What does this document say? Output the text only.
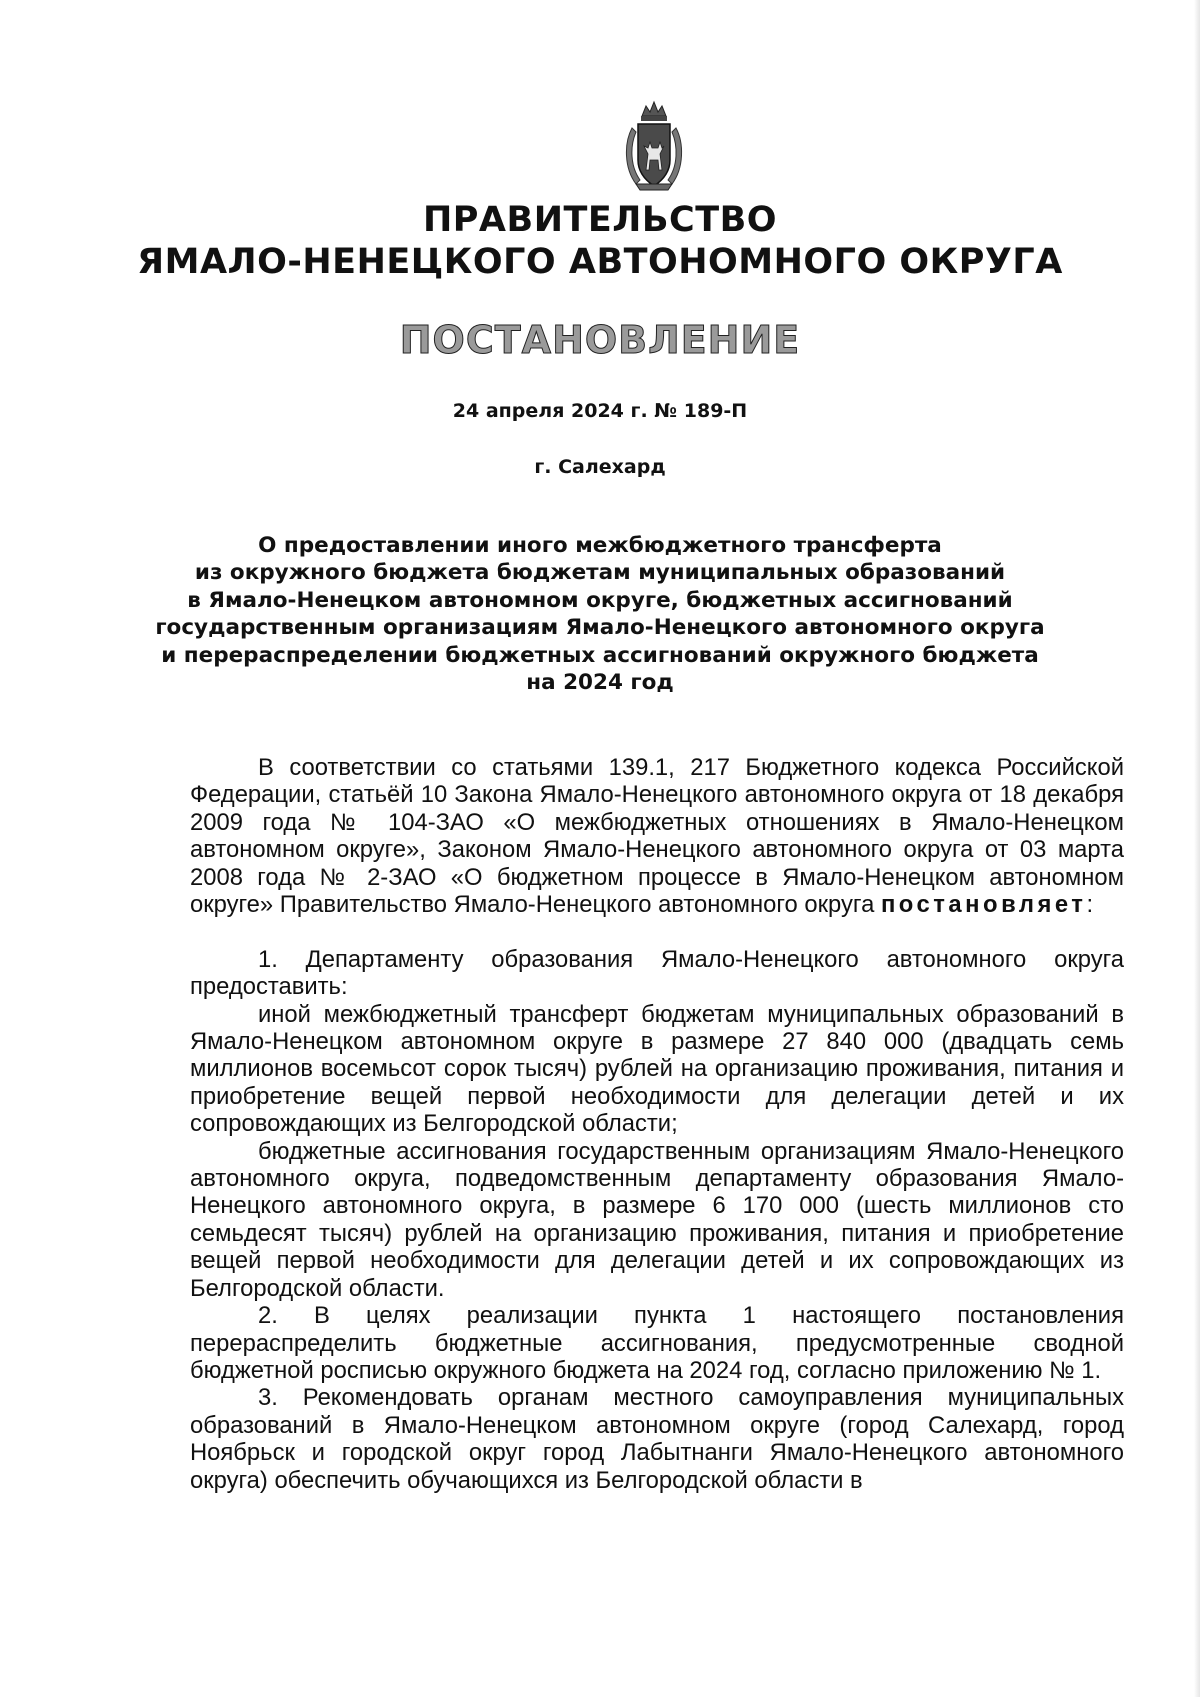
ПРАВИТЕЛЬСТВО
ЯМАЛО-НЕНЕЦКОГО АВТОНОМНОГО ОКРУГА
ПОСТАНОВЛЕНИЕ
24 апреля 2024 г. № 189-П
г. Салехард
О предоставлении иного межбюджетного трансферта
из окружного бюджета бюджетам муниципальных образований
в Ямало-Ненецком автономном округе, бюджетных ассигнований
государственным организациям Ямало-Ненецкого автономного округа
и перераспределении бюджетных ассигнований окружного бюджета
на 2024 год

В соответствии со статьями 139.1, 217 Бюджетного кодекса Российской Федерации, статьёй 10 Закона Ямало-Ненецкого автономного округа от 18 декабря 2009 года № 104-ЗАО «О межбюджетных отношениях в Ямало-Ненецком автономном округе», Законом Ямало-Ненецкого автономного округа от 03 марта 2008 года № 2-ЗАО «О бюджетном процессе в Ямало-Ненецком автономном округе» Правительство Ямало-Ненецкого автономного округа постановляет:

1. Департаменту образования Ямало-Ненецкого автономного округа предоставить:

иной межбюджетный трансферт бюджетам муниципальных образований в Ямало-Ненецком автономном округе в размере 27 840 000 (двадцать семь миллионов восемьсот сорок тысяч) рублей на организацию проживания, питания и приобретение вещей первой необходимости для делегации детей и их сопровождающих из Белгородской области;

бюджетные ассигнования государственным организациям Ямало-Ненецкого автономного округа, подведомственным департаменту образования Ямало-Ненецкого автономного округа, в размере 6 170 000 (шесть миллионов сто семьдесят тысяч) рублей на организацию проживания, питания и приобретение вещей первой необходимости для делегации детей и их сопровождающих из Белгородской области.

2. В целях реализации пункта 1 настоящего постановления перераспределить бюджетные ассигнования, предусмотренные сводной бюджетной росписью окружного бюджета на 2024 год, согласно приложению № 1.

3. Рекомендовать органам местного самоуправления муниципальных образований в Ямало-Ненецком автономном округе (город Салехард, город Ноябрьск и городской округ город Лабытнанги Ямало-Ненецкого автономного округа) обеспечить обучающихся из Белгородской области в
